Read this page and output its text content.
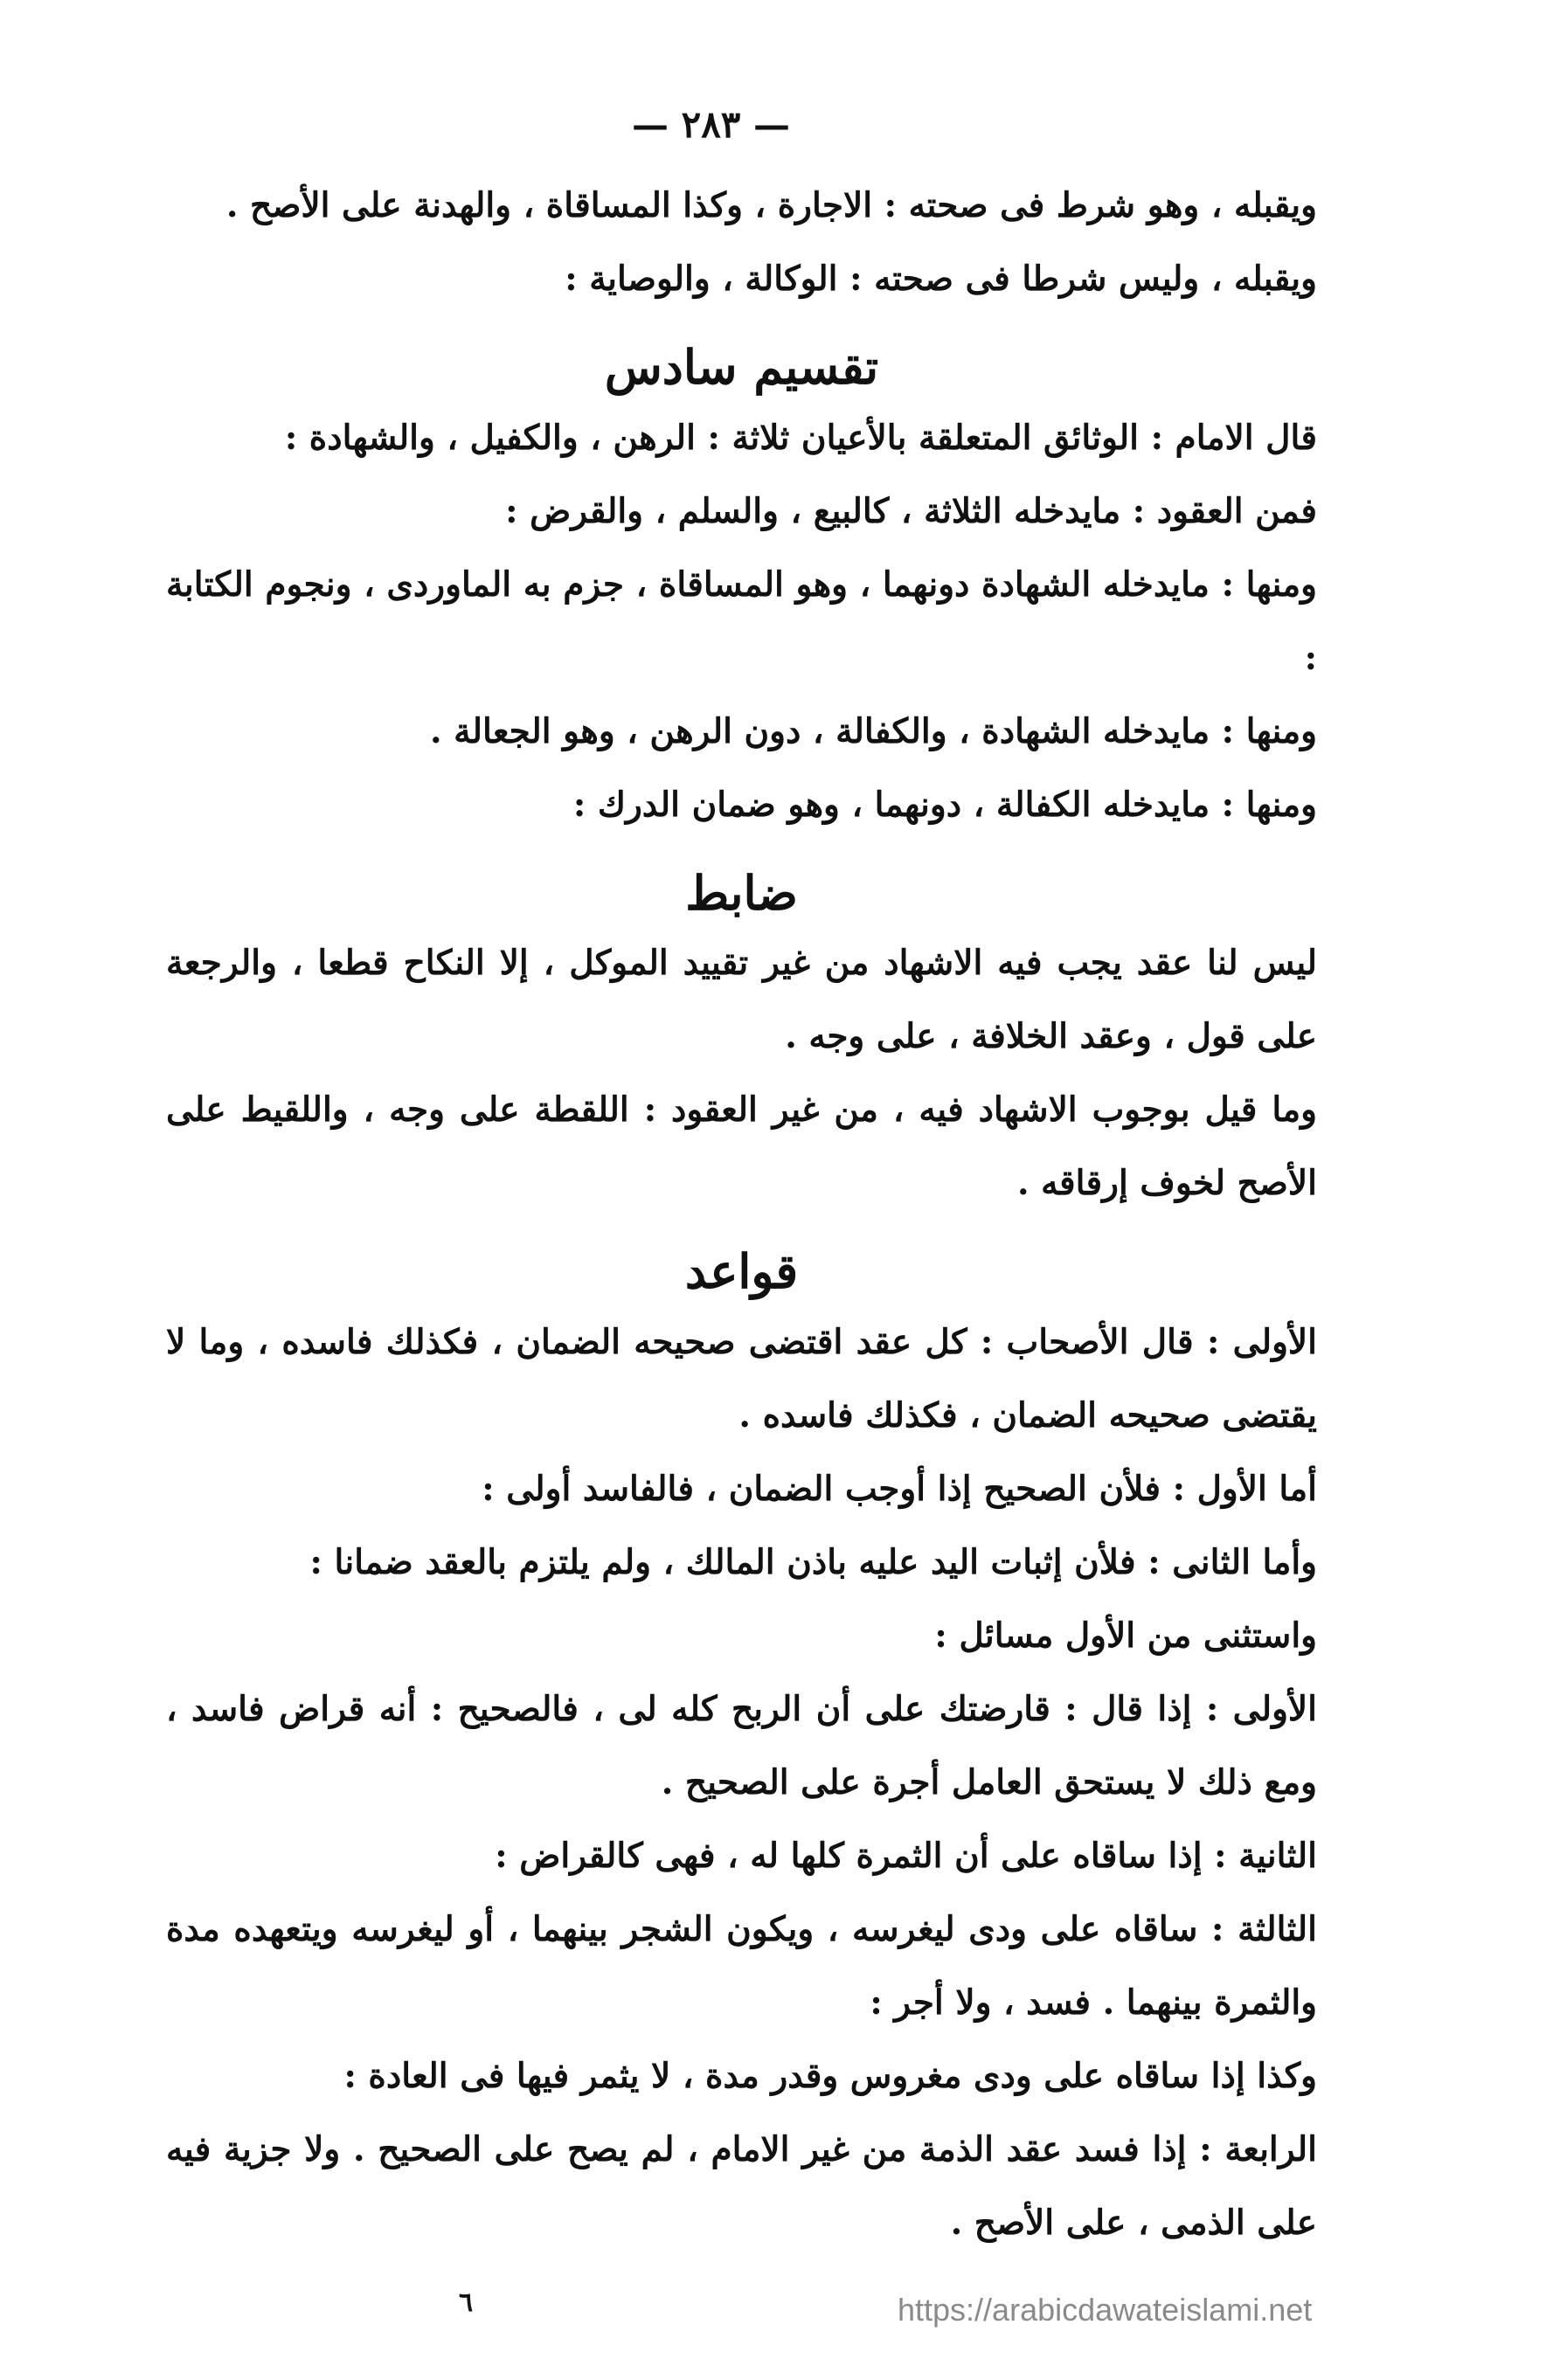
— ٢٨٣ —

ويقبله ، وهو شرط فى صحته : الاجارة ، وكذا المساقاة ، والهدنة على الأصح .

ويقبله ، وليس شرطا فى صحته : الوكالة ، والوصاية :

تقسيم سادس

قال الامام : الوثائق المتعلقة بالأعيان ثلاثة : الرهن ، والكفيل ، والشهادة :

فمن العقود : مايدخله الثلاثة ، كالبيع ، والسلم ، والقرض :

ومنها : مايدخله الشهادة دونهما ، وهو المساقاة ، جزم به الماوردى ، ونجوم الكتابة :

ومنها : مايدخله الشهادة ، والكفالة ، دون الرهن ، وهو الجعالة .

ومنها : مايدخله الكفالة ، دونهما ، وهو ضمان الدرك :

ضابط

ليس لنا عقد يجب فيه الاشهاد من غير تقييد الموكل ، إلا النكاح قطعا ، والرجعة على قول ، وعقد الخلافة ، على وجه .

وما قيل بوجوب الاشهاد فيه ، من غير العقود : اللقطة على وجه ، واللقيط على الأصح لخوف إرقاقه .

قواعد

الأولى : قال الأصحاب : كل عقد اقتضى صحيحه الضمان ، فكذلك فاسده ، وما لا يقتضى صحيحه الضمان ، فكذلك فاسده .

أما الأول : فلأن الصحيح إذا أوجب الضمان ، فالفاسد أولى :

وأما الثانى : فلأن إثبات اليد عليه باذن المالك ، ولم يلتزم بالعقد ضمانا :

واستثنى من الأول مسائل :

الأولى : إذا قال : قارضتك على أن الربح كله لى ، فالصحيح : أنه قراض فاسد ، ومع ذلك لا يستحق العامل أجرة على الصحيح .

الثانية : إذا ساقاه على أن الثمرة كلها له ، فهى كالقراض :

الثالثة : ساقاه على ودى ليغرسه ، ويكون الشجر بينهما ، أو ليغرسه ويتعهده مدة والثمرة بينهما . فسد ، ولا أجر :

وكذا إذا ساقاه على ودى مغروس وقدر مدة ، لا يثمر فيها فى العادة :

الرابعة : إذا فسد عقد الذمة من غير الامام ، لم يصح على الصحيح . ولا جزية فيه على الذمى ، على الأصح .

٦	https://arabicdawateislami.net
